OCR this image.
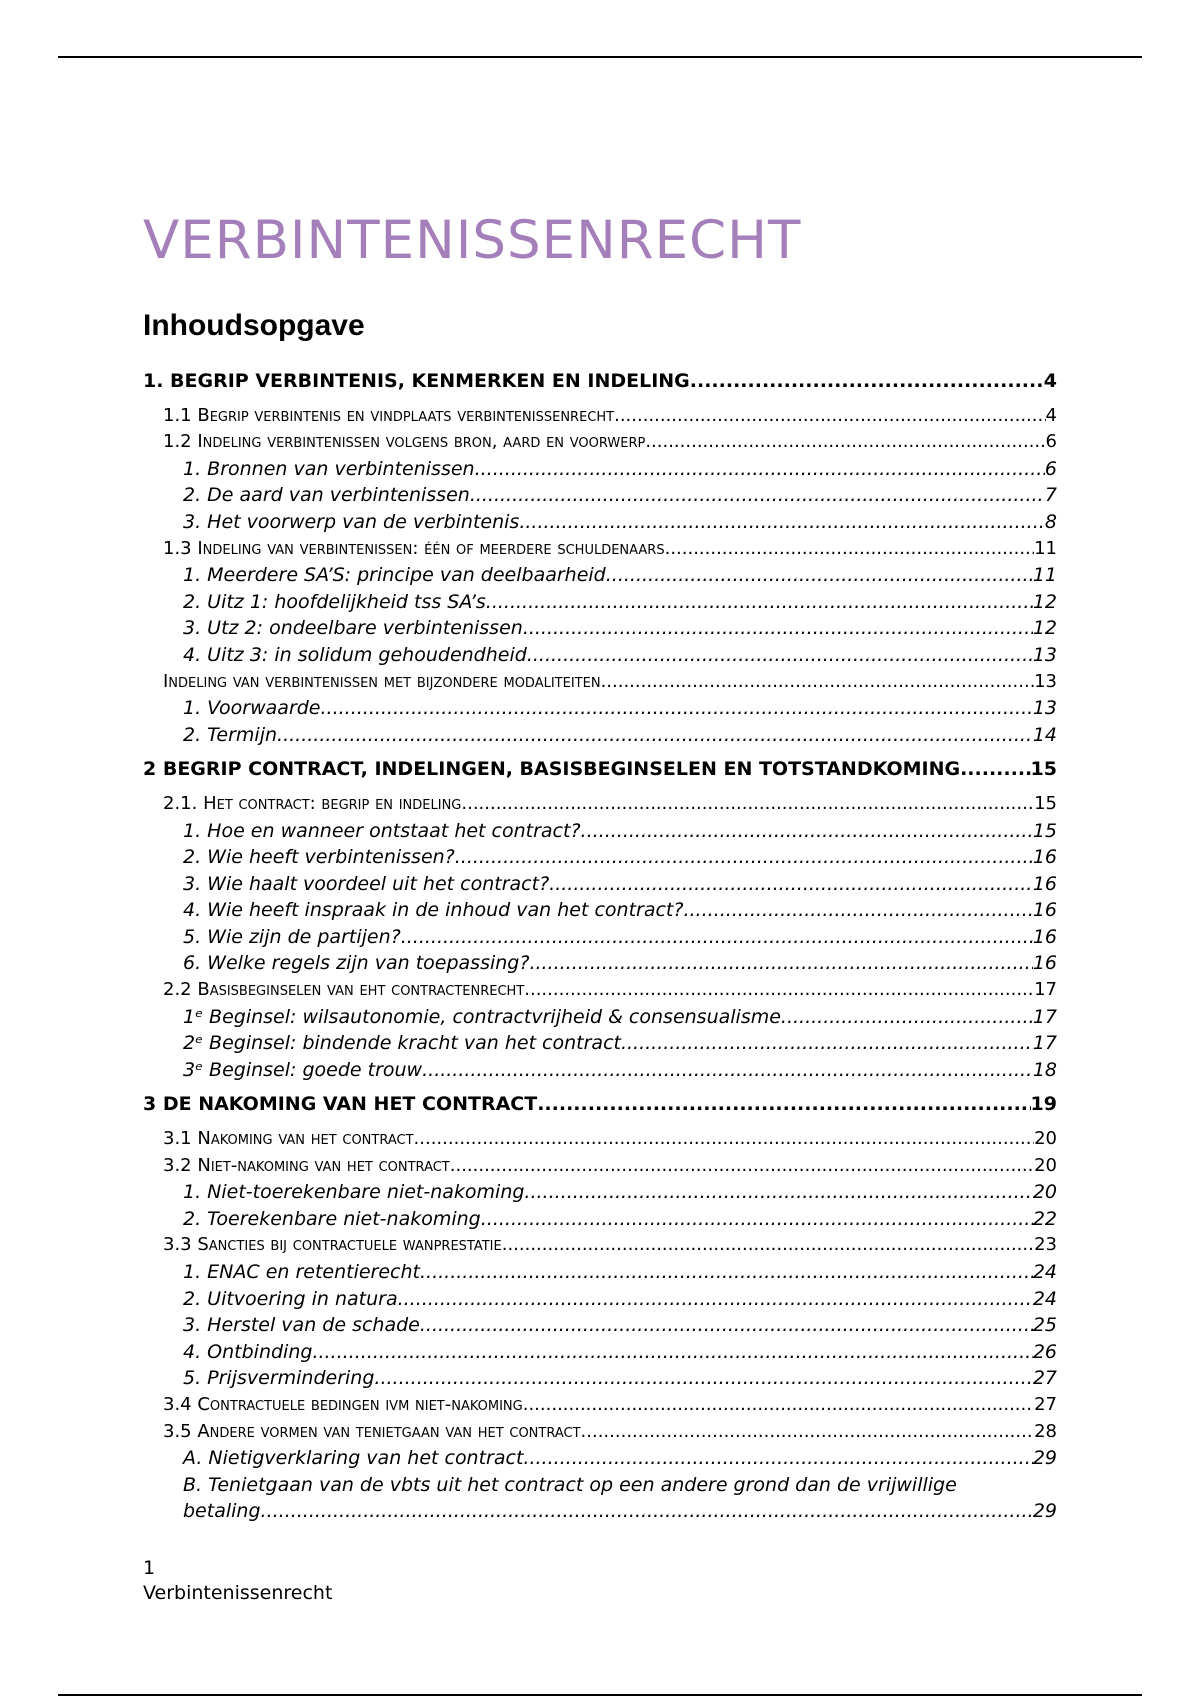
VERBINTENISSENRECHT
Inhoudsopgave
1. BEGRIP VERBINTENIS, KENMERKEN EN INDELING .....	4
1.1 Begrip verbintenis en vindplaats verbintenissenrecht .....	4
1.2 Indeling verbintenissen volgens bron, aard en voorwerp .....	6
1. Bronnen van verbintenissen .....	6
2. De aard van verbintenissen .....	7
3. Het voorwerp van de verbintenis .....	8
1.3 Indeling van verbintenissen: één of meerdere schuldenaars .....	11
1. Meerdere SA’S: principe van deelbaarheid .....	11
2. Uitz 1: hoofdelijkheid tss SA’s .....	12
3. Utz 2: ondeelbare verbintenissen .....	12
4. Uitz 3: in solidum gehoudendheid .....	13
Indeling van verbintenissen met bijzondere modaliteiten .....	13
1. Voorwaarde .....	13
2. Termijn .....	14
2 BEGRIP CONTRACT, INDELINGEN, BASISBEGINSELEN EN TOTSTANDKOMING .....	15
2.1. Het contract: begrip en indeling .....	15
1. Hoe en wanneer ontstaat het contract? .....	15
2. Wie heeft verbintenissen? .....	16
3. Wie haalt voordeel uit het contract? .....	16
4. Wie heeft inspraak in de inhoud van het contract? .....	16
5. Wie zijn de partijen? .....	16
6. Welke regels zijn van toepassing? .....	16
2.2 Basisbeginselen van eht contractenrecht .....	17
1ᵉ Beginsel: wilsautonomie, contractvrijheid & consensualisme .....	17
2ᵉ Beginsel: bindende kracht van het contract .....	17
3ᵉ Beginsel: goede trouw .....	18
3 DE NAKOMING VAN HET CONTRACT .....	19
3.1 Nakoming van het contract .....	20
3.2 Niet-nakoming van het contract .....	20
1. Niet-toerekenbare niet-nakoming .....	20
2. Toerekenbare niet-nakoming .....	22
3.3 Sancties bij contractuele wanprestatie .....	23
1. ENAC en retentierecht .....	24
2. Uitvoering in natura .....	24
3. Herstel van de schade .....	25
4. Ontbinding .....	26
5. Prijsvermindering .....	27
3.4 Contractuele bedingen ivm niet-nakoming .....	27
3.5 Andere vormen van tenietgaan van het contract .....	28
A. Nietigverklaring van het contract .....	29
B. Tenietgaan van de vbts uit het contract op een andere grond dan de vrijwillige
betaling .....	29
1
Verbintenissenrecht
